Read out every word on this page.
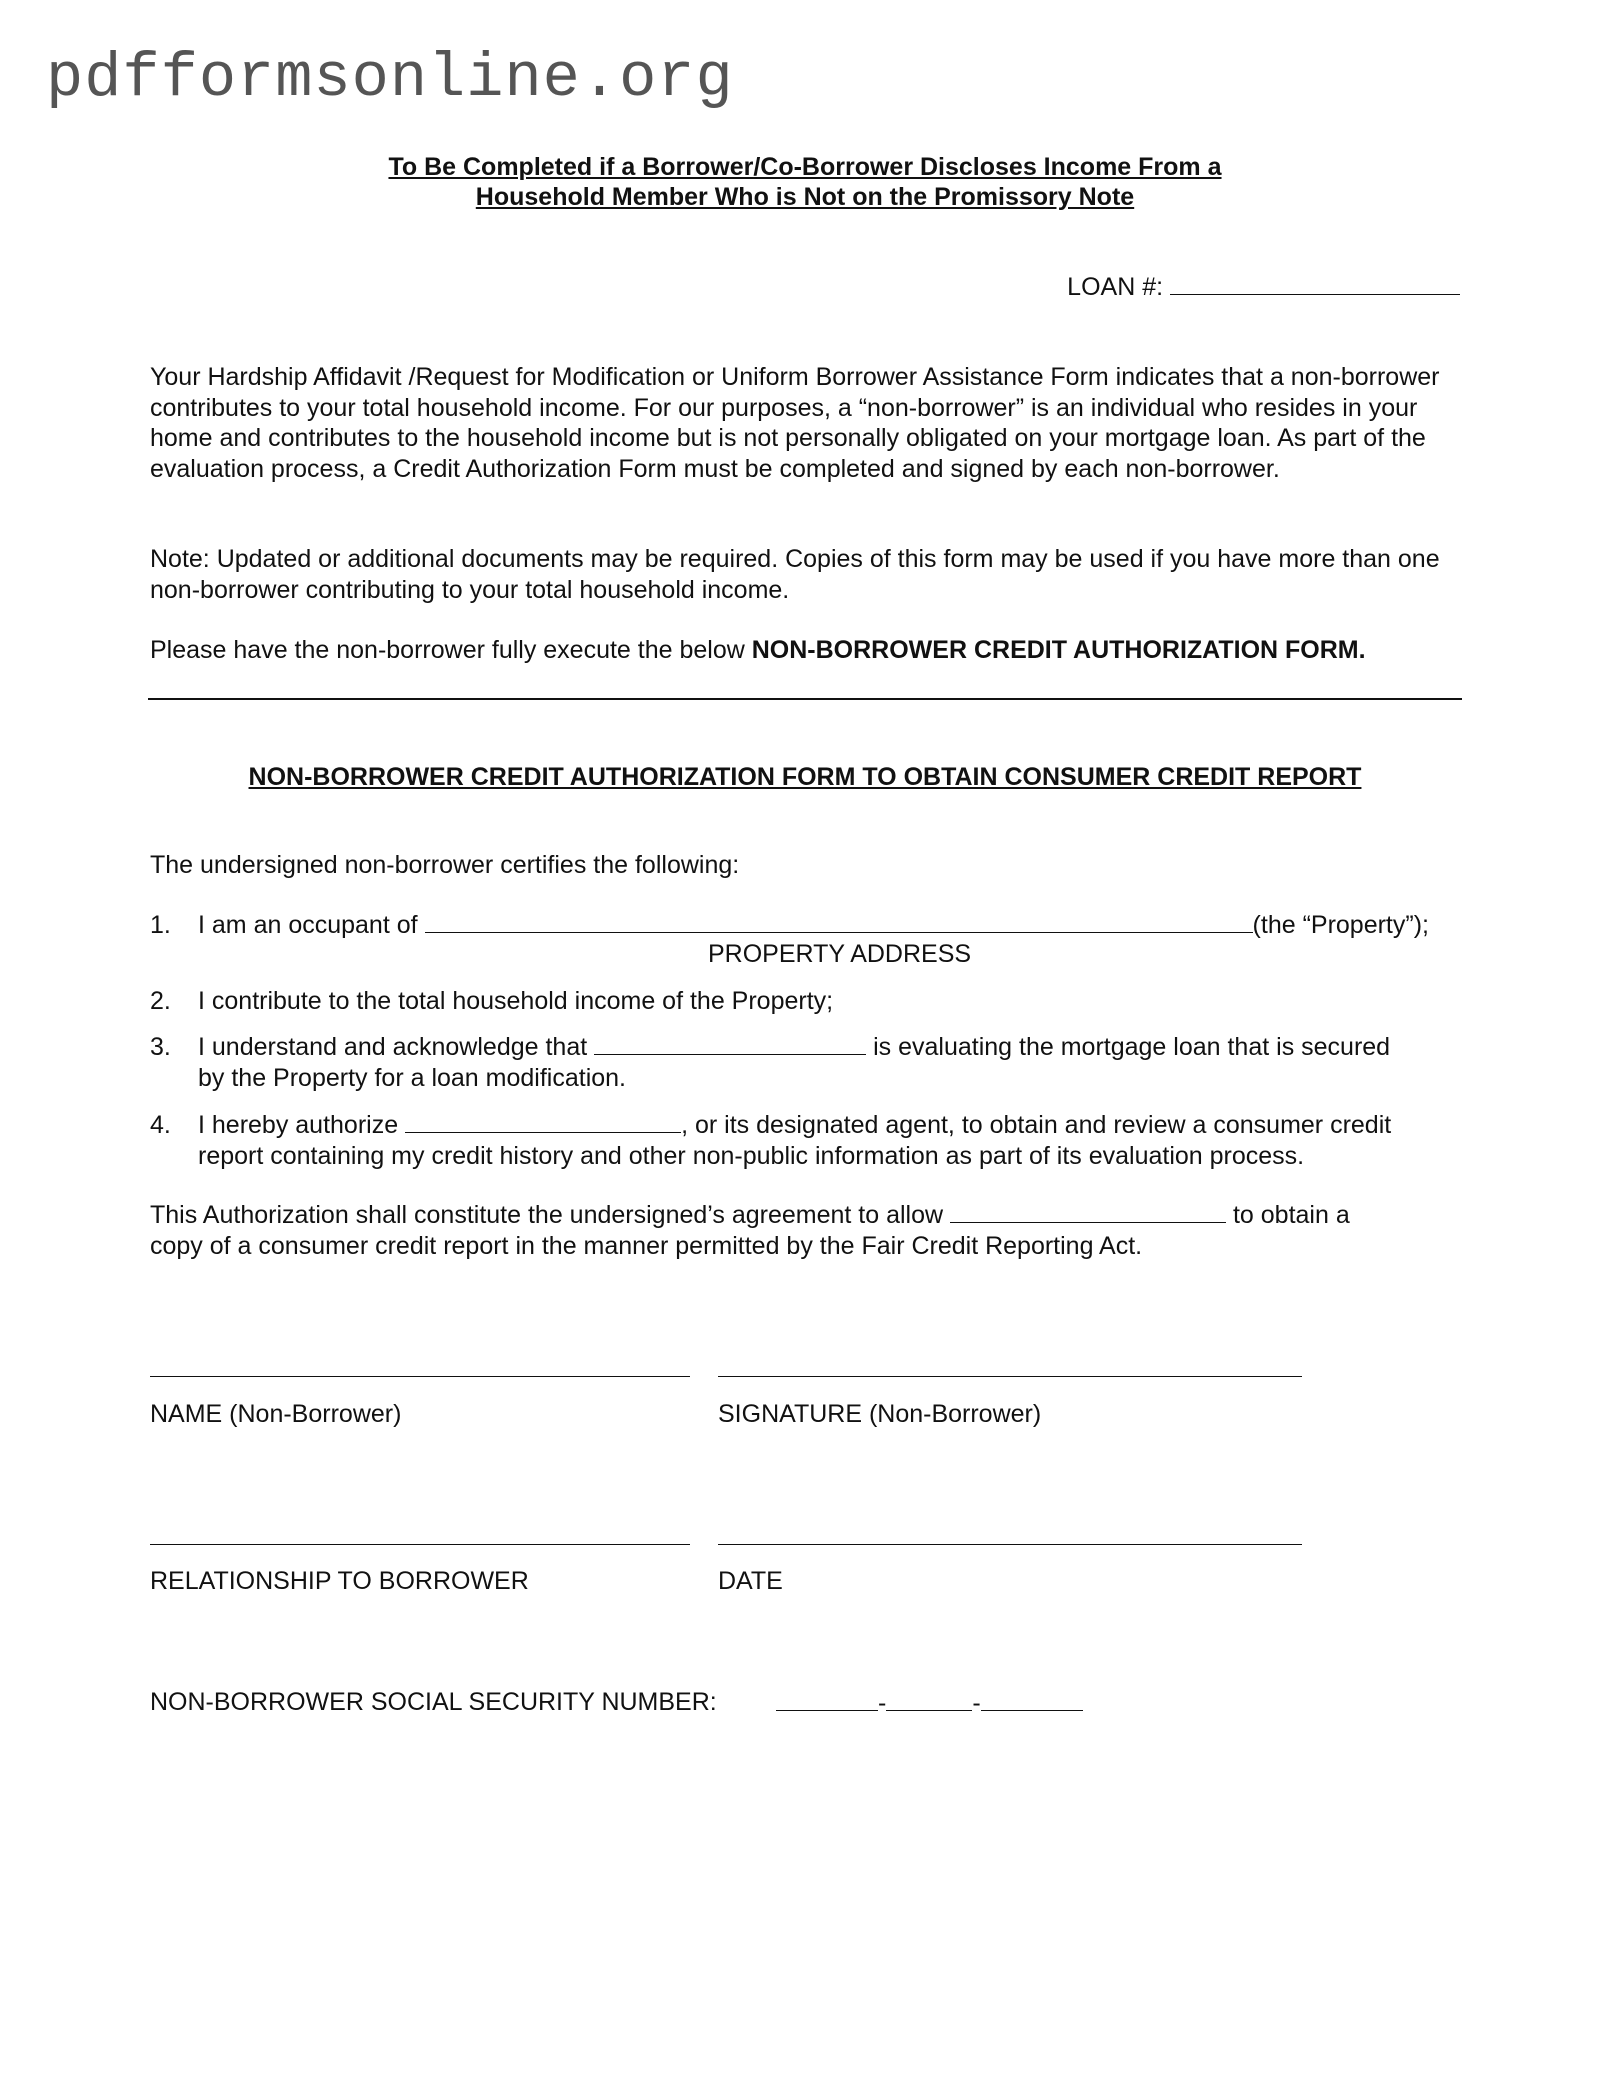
pdfformsonline.org
To Be Completed if a Borrower/Co-Borrower Discloses Income From a
Household Member Who is Not on the Promissory Note
LOAN #:
Your Hardship Affidavit /Request for Modification or Uniform Borrower Assistance Form indicates that a non-borrower contributes to your total household income. For our purposes, a “non-borrower” is an individual who resides in your home and contributes to the household income but is not personally obligated on your mortgage loan. As part of the evaluation process, a Credit Authorization Form must be completed and signed by each non-borrower.
Note: Updated or additional documents may be required. Copies of this form may be used if you have more than one non-borrower contributing to your total household income.
Please have the non-borrower fully execute the below NON-BORROWER CREDIT AUTHORIZATION FORM.
NON-BORROWER CREDIT AUTHORIZATION FORM TO OBTAIN CONSUMER CREDIT REPORT
The undersigned non-borrower certifies the following:
1. I am an occupant of	(the “Property”);
PROPERTY ADDRESS
2. I contribute to the total household income of the Property;
3. I understand and acknowledge that	is evaluating the mortgage loan that is secured
by the Property for a loan modification.
4. I hereby authorize	, or its designated agent, to obtain and review a consumer credit
report containing my credit history and other non-public information as part of its evaluation process.
This Authorization shall constitute the undersigned’s agreement to allow	to obtain a
copy of a consumer credit report in the manner permitted by the Fair Credit Reporting Act.
NAME (Non-Borrower)	SIGNATURE (Non-Borrower)
RELATIONSHIP TO BORROWER	DATE
NON-BORROWER SOCIAL SECURITY NUMBER:	-	-
